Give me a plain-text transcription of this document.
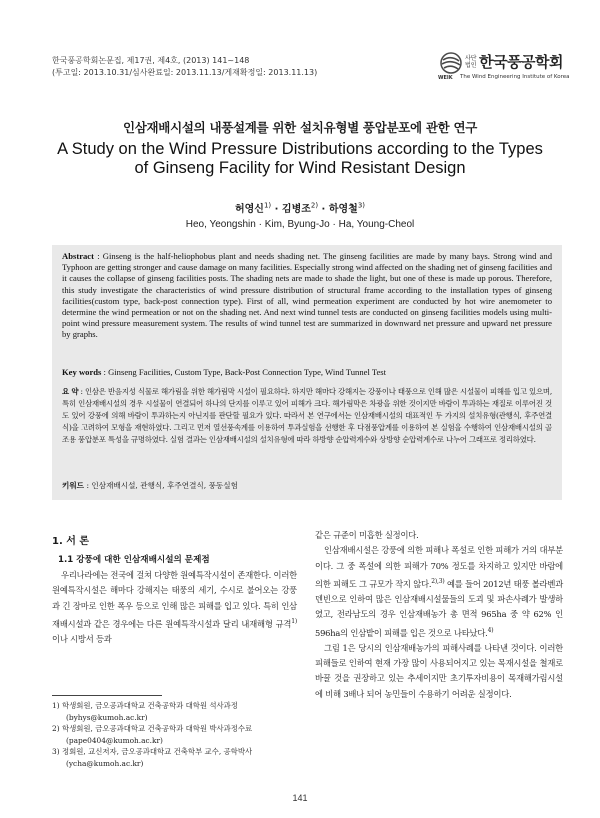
한국풍공학회논문집, 제17권, 제4호, (2013) 141~148
(투고일: 2013.10.31/심사완료일: 2013.11.13/게재확정일: 2013.11.13)
사단법인 한국풍공학회
WEIK The Wind Engineering Institute of Korea
인삼재배시설의 내풍설계를 위한 설치유형별 풍압분포에 관한 연구
A Study on the Wind Pressure Distributions according to the Types
of Ginseng Facility for Wind Resistant Design
허영신$^{1)}$ · 김병조$^{2)}$ · 하영철$^{3)}$
Heo, Yeongshin · Kim, Byung-Jo · Ha, Young-Cheol
Abstract : Ginseng is the half-heliophobus plant and needs shading net. The ginseng facilities are made by many bays. Strong wind and Typhoon are getting stronger and cause damage on many facilities. Especially strong wind affected on the shading net of ginseng facilities and it causes the collapse of ginseng facilities posts. The shading nets are made to shade the light, but one of these is made up porous. Therefore, this study investigate the characteristics of wind pressure distribution of structural frame according to the installation types of ginseng facilities(custom type, back-post connection type). First of all, wind permeation experiment are conducted by hot wire anemometer to determine the wind permeation or not on the shading net. And next wind tunnel tests are conducted on ginseng facilities models using multi-point wind pressure measurement system. The results of wind tunnel test are summarized in downward net pressure and upward net pressure by graphs.
Key words : Ginseng Facilities, Custom Type, Back-Post Connection Type, Wind Tunnel Test
요 약 : 인삼은 반음지성 식물로 해가림을 위한 해가림막 시설이 필요하다. 하지만 해마다 강해지는 강풍이나 태풍으로 인해 많은 시설물이 피해를 입고 있으며, 특히 인삼재배시설의 경우 시설물이 연결되어 하나의 단지를 이루고 있어 피해가 크다. 해가림막은 차광을 위한 것이지만 바람이 투과하는 재질로 이루어진 것도 있어 강풍에 의해 바람이 투과하는지 아닌지를 판단할 필요가 있다. 따라서 본 연구에서는 인삼재배시설의 대표적인 두 가지의 설치유형(관행식, 후주연결식)을 고려하여 모형을 재현하였다. 그리고 먼저 열선풍속계를 이용하여 투과실험을 선행한 후 다점풍압계를 이용하여 본 실험을 수행하여 인삼재배시설의 골조용 풍압분포 특성을 규명하였다. 실험 결과는 인삼재배시설의 설치유형에 따라 하방향 순압력계수와 상방향 순압력계수로 나누어 그래프로 정리하였다.
키워드 : 인삼재배시설, 관행식, 후주연결식, 풍동실험
1. 서 론
1.1 강풍에 대한 인삼재배시설의 문제점

우리나라에는 전국에 걸쳐 다양한 원예특작시설이 존재한다. 이러한 원예특작시설은 해마다 강해지는 태풍의 세기, 수시로 불어오는 강풍과 긴 장마로 인한 폭우 등으로 인해 많은 피해를 입고 있다. 특히 인삼재배시설과 같은 경우에는 다른 원예특작시설과 달리 내재해형 규격$^{1)}$이나 시방서 등과

1) 학생회원, 금오공과대학교 건축공학과 대학원 석사과정
(byhys@kumoh.ac.kr)

2) 학생회원, 금오공과대학교 건축공학과 대학원 박사과정수료
(pape0404@kumoh.ac.kr)

3) 정회원, 교신저자, 금오공과대학교 건축학부 교수, 공학박사
(ycha@kumoh.ac.kr)

같은 규준이 미흡한 실정이다.

인삼재배시설은 강풍에 의한 피해나 폭설로 인한 피해가 거의 대부분이다. 그 중 폭설에 의한 피해가 70% 정도를 차지하고 있지만 바람에 의한 피해도 그 규모가 작지 않다.$^{2),3)}$ 예를 들어 2012년 태풍 볼라벤과 덴빈으로 인하여 많은 인삼재배시설물들의 도괴 및 파손사례가 발생하였고, 전라남도의 경우 인삼재배농가 총 면적 965ha 중 약 62% 인 596ha의 인삼밭이 피해를 입은 것으로 나타났다.$^{4)}$

그림 1은 당시의 인삼재배농가의 피해사례를 나타낸 것이다. 이러한 피해들로 인하여 현재 가장 많이 사용되어지고 있는 목재시설을 철재로 바꿀 것을 권장하고 있는 추세이지만 초기투자비용이 목재해가림시설에 비해 3배나 되어 농민들이 수용하기 어려운 실정이다.

141
